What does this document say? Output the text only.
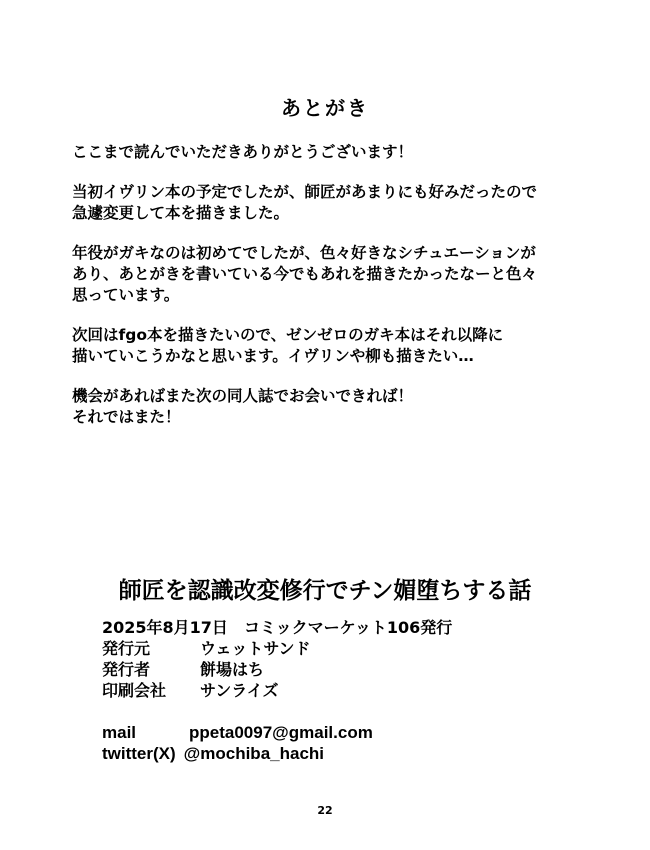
あとがき

ここまで読んでいただきありがとうございます！

当初イヴリン本の予定でしたが、師匠があまりにも好みだったので
急遽変更して本を描きました。

年役がガキなのは初めてでしたが、色々好きなシチュエーションが
あり、あとがきを書いている今でもあれを描きたかったなーと色々
思っています。

次回はfgo本を描きたいので、ゼンゼロのガキ本はそれ以降に
描いていこうかなと思います。イヴリンや柳も描きたい…

機会があればまた次の同人誌でお会いできれば！
それではまた！

師匠を認識改変修行でチン媚堕ちする話
2025年8月17日	コミックマーケット106発行
発行元	ウェットサンド
発行者	餅場はち
印刷会社	サンライズ
mail	ppeta0097@gmail.com
twitter(X) @mochiba_hachi
22
